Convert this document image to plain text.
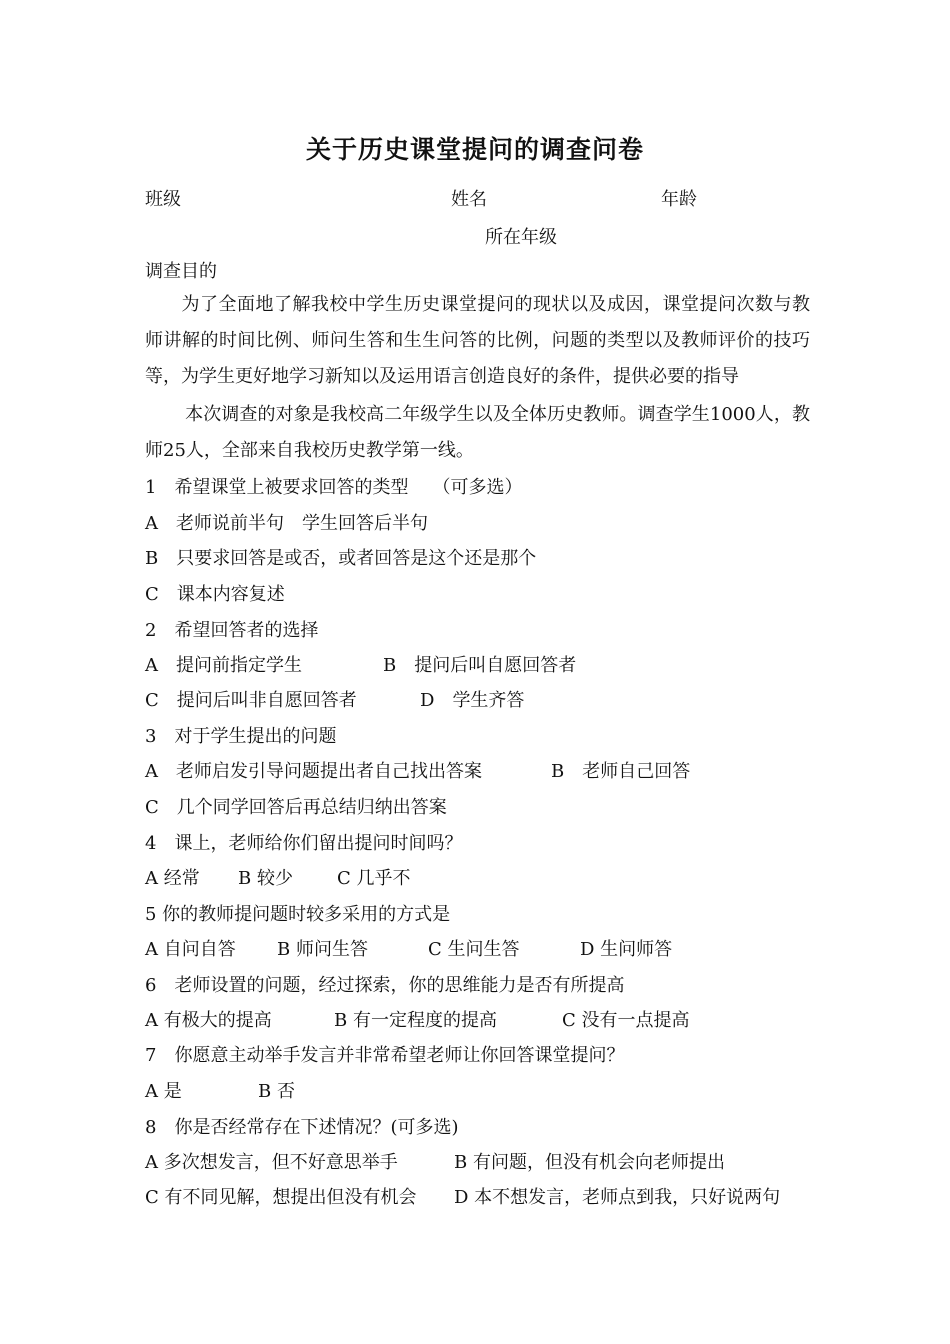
关于历史课堂提问的调查问卷
班级	姓名	年龄
所在年级
调查目的
为了全面地了解我校中学生历史课堂提问的现状以及成因，课堂提问次数与教师讲解的时间比例、师问生答和生生问答的比例，问题的类型以及教师评价的技巧等，为学生更好地学习新知以及运用语言创造良好的条件，提供必要的指导
本次调查的对象是我校高二年级学生以及全体历史教师。调查学生1000人，教师25人，全部来自我校历史教学第一线。
1 希望课堂上被要求回答的类型 （可多选）
A 老师说前半句 学生回答后半句
B 只要求回答是或否，或者回答是这个还是那个
C 课本内容复述
2 希望回答者的选择
A 提问前指定学生	B 提问后叫自愿回答者
C 提问后叫非自愿回答者	D 学生齐答
3 对于学生提出的问题
A 老师启发引导问题提出者自己找出答案	B 老师自己回答
C 几个同学回答后再总结归纳出答案
4 课上，老师给你们留出提问时间吗？
A 经常 B 较少 C 几乎不
5 你的教师提问题时较多采用的方式是
A 自问自答 B 师问生答	C 生问生答	D 生问师答
6 老师设置的问题，经过探索，你的思维能力是否有所提高
A 有极大的提高	B 有一定程度的提高	C 没有一点提高
7 你愿意主动举手发言并非常希望老师让你回答课堂提问？
A 是	B 否
8 你是否经常存在下述情况？(可多选)
A 多次想发言，但不好意思举手	B 有问题，但没有机会向老师提出
C 有不同见解，想提出但没有机会 D 本不想发言，老师点到我，只好说两句
